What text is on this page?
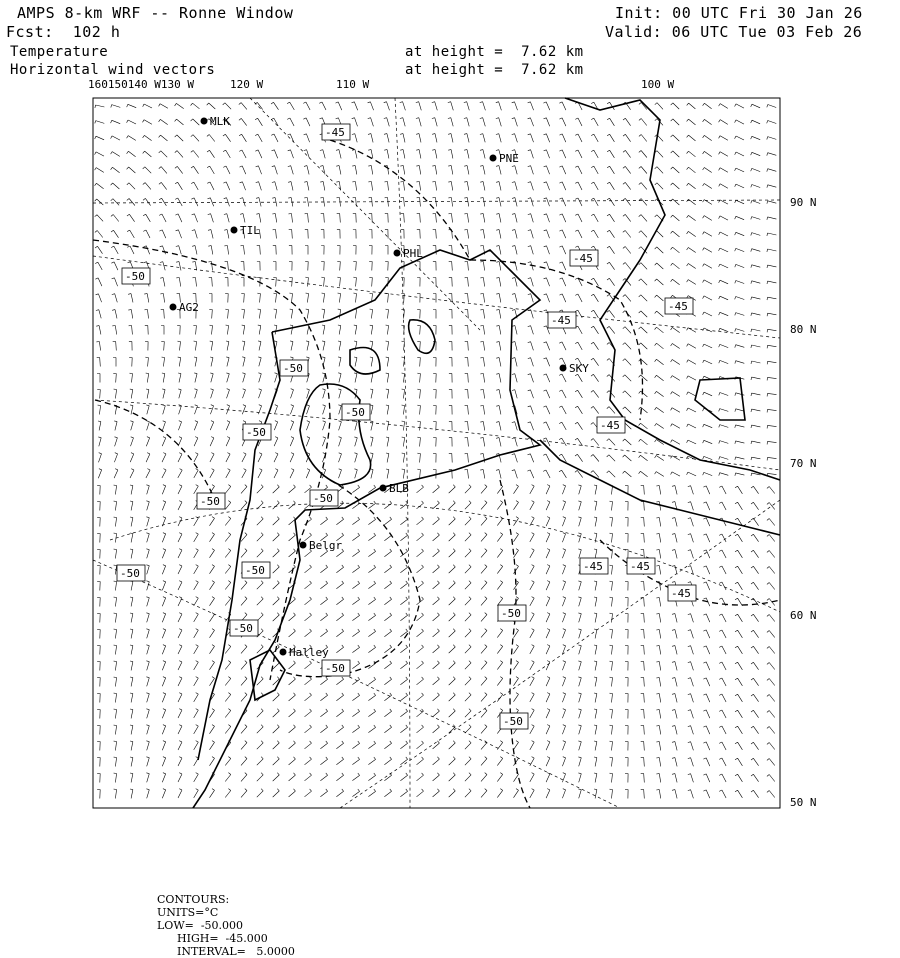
AMPS 8-km WRF -- Ronne Window
Fcst:  102 h
Temperature
Horizontal wind vectors
at height =  7.62 km
at height =  7.62 km
Init: 00 UTC Fri 30 Jan 26
Valid: 06 UTC Tue 03 Feb 26
160150140 W130 W	120 W	110 W	100 W
90 N
80 N
70 N
60 N
50 N
MLK
PNE
TIL
PHL
AG2
SKY
BLB
Belgr
Halley
-45
-45
-45
-45
-45
-45 -45
-45
-50
-50
-50
-50
-50	-50
-50	-50
-50
-50
-50
-50

CONTOURS:
UNITS=°C
LOW=  -50.000
HIGH=  -45.000
INTERVAL=   5.0000
